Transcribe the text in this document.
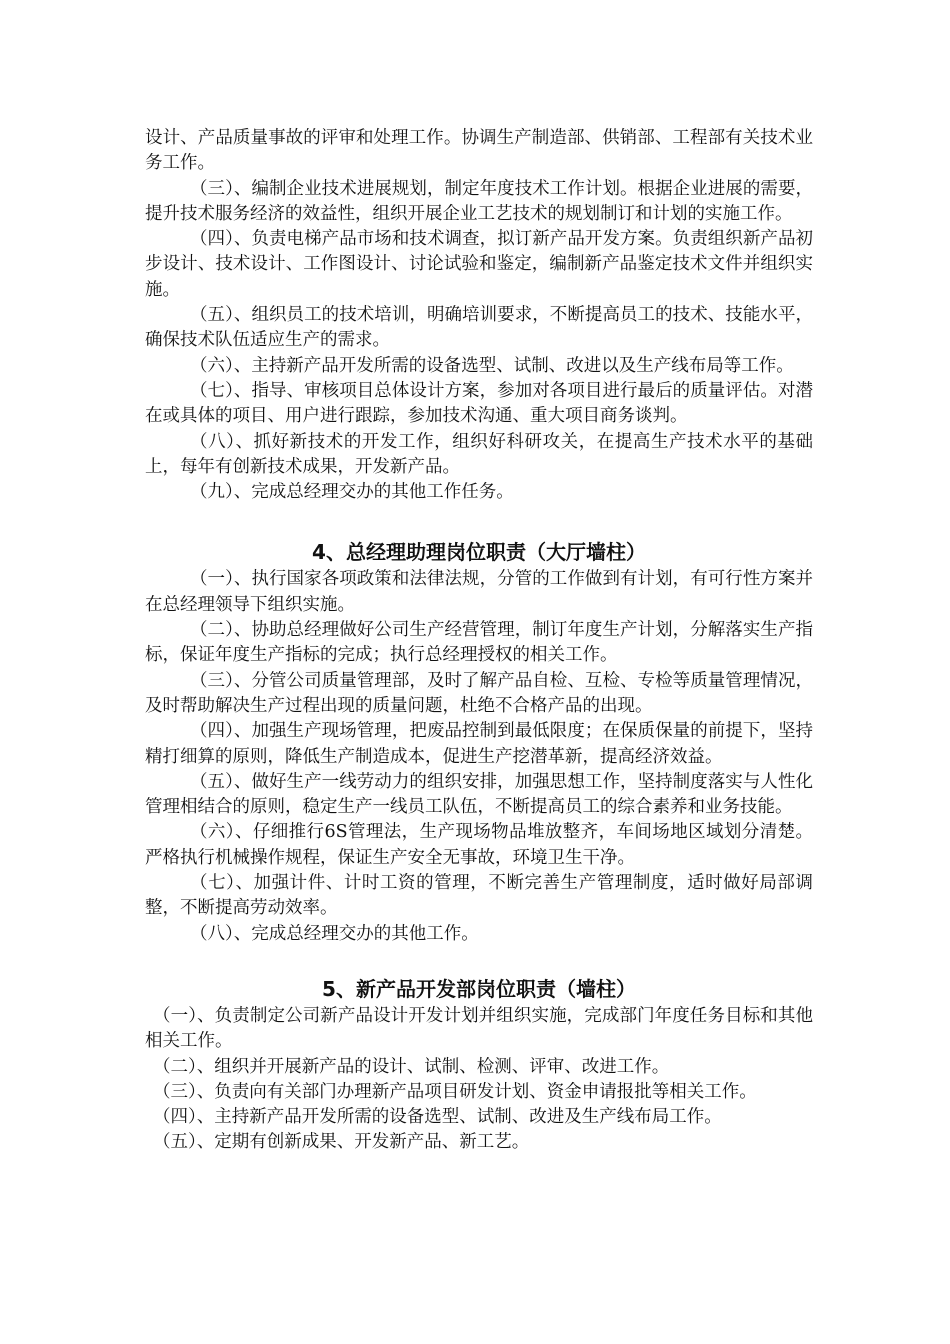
设计、产品质量事故的评审和处理工作。协调生产制造部、供销部、工程部有关技术业务工作。

（三）、编制企业技术进展规划，制定年度技术工作计划。根据企业进展的需要，提升技术服务经济的效益性，组织开展企业工艺技术的规划制订和计划的实施工作。

（四）、负责电梯产品市场和技术调查，拟订新产品开发方案。负责组织新产品初步设计、技术设计、工作图设计、讨论试验和鉴定，编制新产品鉴定技术文件并组织实施。

（五）、组织员工的技术培训，明确培训要求，不断提高员工的技术、技能水平，确保技术队伍适应生产的需求。

（六）、主持新产品开发所需的设备选型、试制、改进以及生产线布局等工作。

（七）、指导、审核项目总体设计方案，参加对各项目进行最后的质量评估。对潜在或具体的项目、用户进行跟踪，参加技术沟通、重大项目商务谈判。

（八）、抓好新技术的开发工作，组织好科研攻关，在提高生产技术水平的基础上，每年有创新技术成果，开发新产品。

（九）、完成总经理交办的其他工作任务。

4、总经理助理岗位职责（大厅墙柱）

（一）、执行国家各项政策和法律法规，分管的工作做到有计划，有可行性方案并在总经理领导下组织实施。

（二）、协助总经理做好公司生产经营管理，制订年度生产计划，分解落实生产指标，保证年度生产指标的完成；执行总经理授权的相关工作。

（三）、分管公司质量管理部，及时了解产品自检、互检、专检等质量管理情况，及时帮助解决生产过程出现的质量问题，杜绝不合格产品的出现。

（四）、加强生产现场管理，把废品控制到最低限度；在保质保量的前提下，坚持精打细算的原则，降低生产制造成本，促进生产挖潜革新，提高经济效益。

（五）、做好生产一线劳动力的组织安排，加强思想工作，坚持制度落实与人性化管理相结合的原则，稳定生产一线员工队伍，不断提高员工的综合素养和业务技能。

（六）、仔细推行6S管理法，生产现场物品堆放整齐，车间场地区域划分清楚。严格执行机械操作规程，保证生产安全无事故，环境卫生干净。

（七）、加强计件、计时工资的管理，不断完善生产管理制度，适时做好局部调整，不断提高劳动效率。

（八）、完成总经理交办的其他工作。

5、新产品开发部岗位职责（墙柱）

（一）、负责制定公司新产品设计开发计划并组织实施，完成部门年度任务目标和其他相关工作。

（二）、组织并开展新产品的设计、试制、检测、评审、改进工作。

（三）、负责向有关部门办理新产品项目研发计划、资金申请报批等相关工作。

（四）、主持新产品开发所需的设备选型、试制、改进及生产线布局工作。

（五）、定期有创新成果、开发新产品、新工艺。
